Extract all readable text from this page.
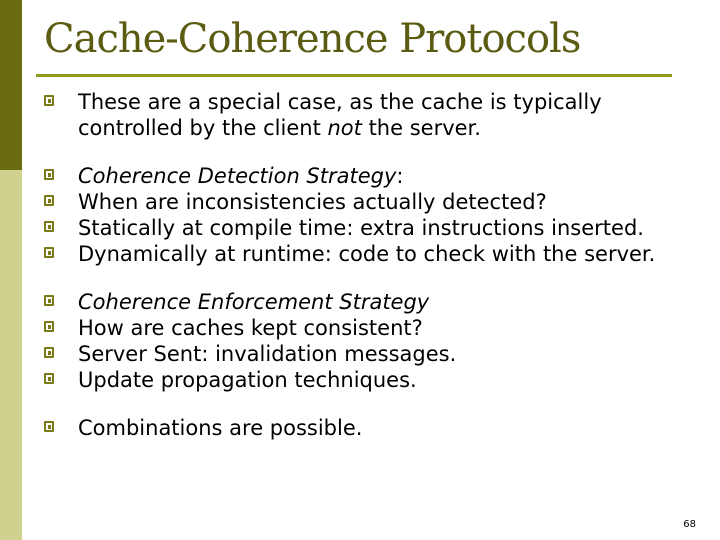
Cache-Coherence Protocols
These are a special case, as the cache is typically controlled by the client not the server.
Coherence Detection Strategy:
When are inconsistencies actually detected?
Statically at compile time: extra instructions inserted.
Dynamically at runtime: code to check with the server.
Coherence Enforcement Strategy
How are caches kept consistent?
Server Sent: invalidation messages.
Update propagation techniques.
Combinations are possible.
68
